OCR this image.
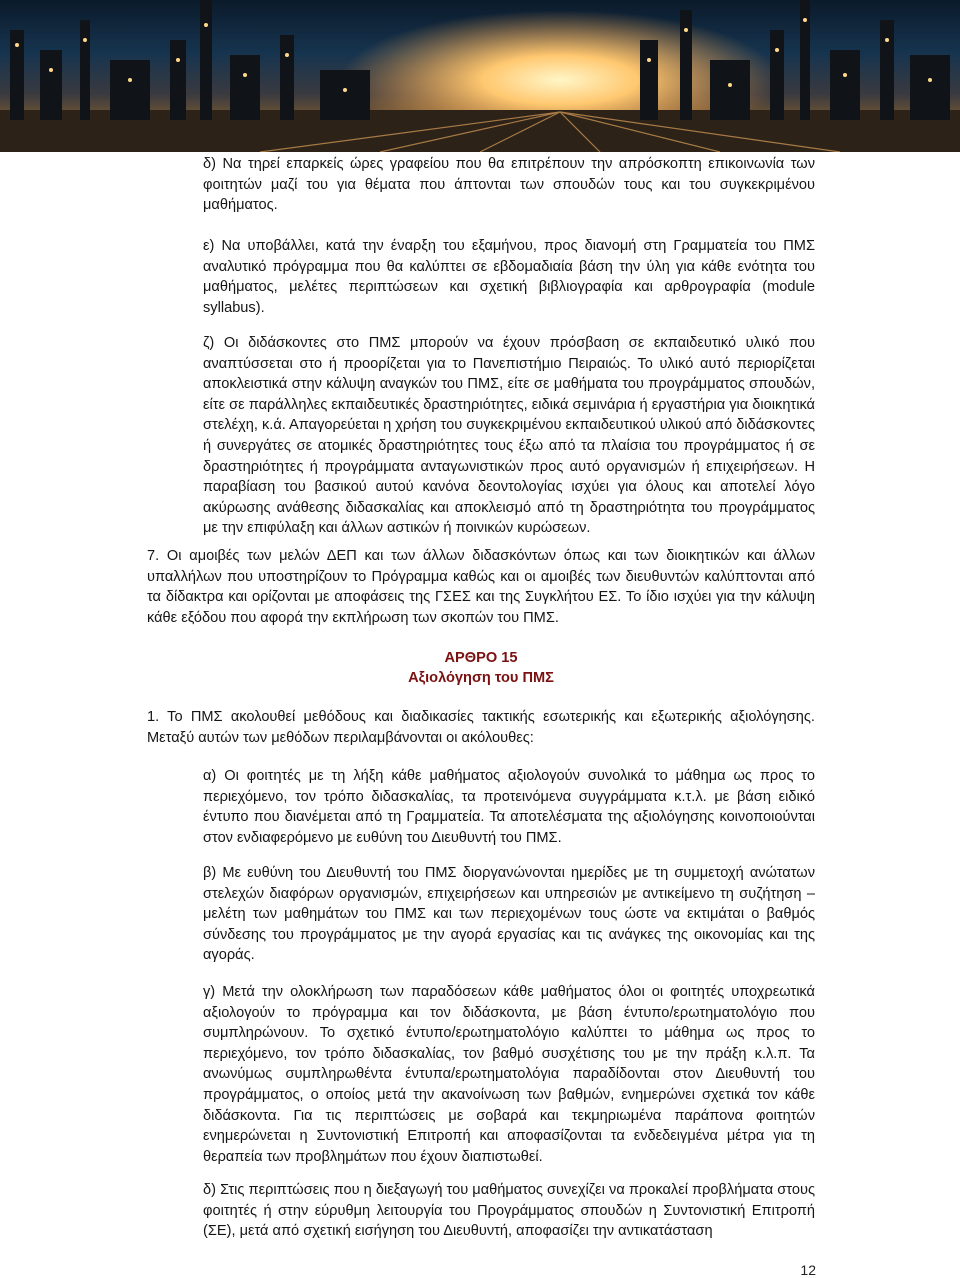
δ) Να τηρεί επαρκείς ώρες γραφείου που θα επιτρέπουν την απρόσκοπτη επικοινωνία των φοιτητών μαζί του για θέματα που άπτονται των σπουδών τους και του συγκεκριμένου μαθήματος.

ε) Να υποβάλλει, κατά την έναρξη του εξαμήνου, προς διανομή στη Γραμματεία του ΠΜΣ αναλυτικό πρόγραμμα που θα καλύπτει σε εβδομαδιαία βάση την ύλη για κάθε ενότητα του μαθήματος, μελέτες περιπτώσεων και σχετική βιβλιογραφία και αρθρογραφία (module syllabus).

ζ) Οι διδάσκοντες στο ΠΜΣ μπορούν να έχουν πρόσβαση σε εκπαιδευτικό υλικό που αναπτύσσεται στο ή προορίζεται για το Πανεπιστήμιο Πειραιώς. Το υλικό αυτό περιορίζεται αποκλειστικά στην κάλυψη αναγκών του ΠΜΣ, είτε σε μαθήματα του προγράμματος σπουδών, είτε σε παράλληλες εκπαιδευτικές δραστηριότητες, ειδικά σεμινάρια ή εργαστήρια για διοικητικά στελέχη, κ.ά. Απαγορεύεται η χρήση του συγκεκριμένου εκπαιδευτικού υλικού από διδάσκοντες ή συνεργάτες σε ατομικές δραστηριότητες τους έξω από τα πλαίσια του προγράμματος ή σε δραστηριότητες ή προγράμματα ανταγωνιστικών προς αυτό οργανισμών ή επιχειρήσεων. Η παραβίαση του βασικού αυτού κανόνα δεοντολογίας ισχύει για όλους και αποτελεί λόγο ακύρωσης ανάθεσης διδασκαλίας και αποκλεισμό από τη δραστηριότητα του προγράμματος με την επιφύλαξη και άλλων αστικών ή ποινικών κυρώσεων.

7. Οι αμοιβές των μελών ΔΕΠ και των άλλων διδασκόντων όπως και των διοικητικών και άλλων υπαλλήλων που υποστηρίζουν το Πρόγραμμα καθώς και οι αμοιβές των διευθυντών καλύπτονται από τα δίδακτρα και ορίζονται με αποφάσεις της ΓΣΕΣ και της Συγκλήτου ΕΣ. Το ίδιο ισχύει για την κάλυψη κάθε εξόδου που αφορά την εκπλήρωση των σκοπών του ΠΜΣ.

ΑΡΘΡΟ 15

Αξιολόγηση του ΠΜΣ

1. Το ΠΜΣ ακολουθεί μεθόδους και διαδικασίες τακτικής εσωτερικής και εξωτερικής αξιολόγησης. Μεταξύ αυτών των μεθόδων περιλαμβάνονται οι ακόλουθες:

α) Οι φοιτητές με τη λήξη κάθε μαθήματος αξιολογούν συνολικά το μάθημα ως προς το περιεχόμενο, τον τρόπο διδασκαλίας, τα προτεινόμενα συγγράμματα κ.τ.λ. με βάση ειδικό έντυπο που διανέμεται από τη Γραμματεία. Τα αποτελέσματα της αξιολόγησης κοινοποιούνται στον ενδιαφερόμενο με ευθύνη του Διευθυντή του ΠΜΣ.

β) Με ευθύνη του Διευθυντή του ΠΜΣ διοργανώνονται ημερίδες με τη συμμετοχή ανώτατων στελεχών διαφόρων οργανισμών, επιχειρήσεων και υπηρεσιών με αντικείμενο τη συζήτηση – μελέτη των μαθημάτων του ΠΜΣ και των περιεχομένων τους ώστε να εκτιμάται ο βαθμός σύνδεσης του προγράμματος με την αγορά εργασίας και τις ανάγκες της οικονομίας και της αγοράς.

γ) Μετά την ολοκλήρωση των παραδόσεων κάθε μαθήματος όλοι οι φοιτητές υποχρεωτικά αξιολογούν το πρόγραμμα και τον διδάσκοντα, με βάση έντυπο/ερωτηματολόγιο που συμπληρώνουν. Το σχετικό έντυπο/ερωτηματολόγιο καλύπτει το μάθημα ως προς το περιεχόμενο, τον τρόπο διδασκαλίας, τον βαθμό συσχέτισης του με την πράξη κ.λ.π. Τα ανωνύμως συμπληρωθέντα έντυπα/ερωτηματολόγια παραδίδονται στον Διευθυντή του προγράμματος, ο οποίος μετά την ακανοίνωση των βαθμών, ενημερώνει σχετικά τον κάθε διδάσκοντα. Για τις περιπτώσεις με σοβαρά και τεκμηριωμένα παράπονα φοιτητών ενημερώνεται η Συντονιστική Επιτροπή και αποφασίζονται τα ενδεδειγμένα μέτρα για τη θεραπεία των προβλημάτων που έχουν διαπιστωθεί.

δ) Στις περιπτώσεις που η διεξαγωγή του μαθήματος συνεχίζει να προκαλεί προβλήματα στους φοιτητές ή στην εύρυθμη λειτουργία του Προγράμματος σπουδών η Συντονιστική Επιτροπή (ΣΕ), μετά από σχετική εισήγηση του Διευθυντή, αποφασίζει την αντικατάσταση

12
